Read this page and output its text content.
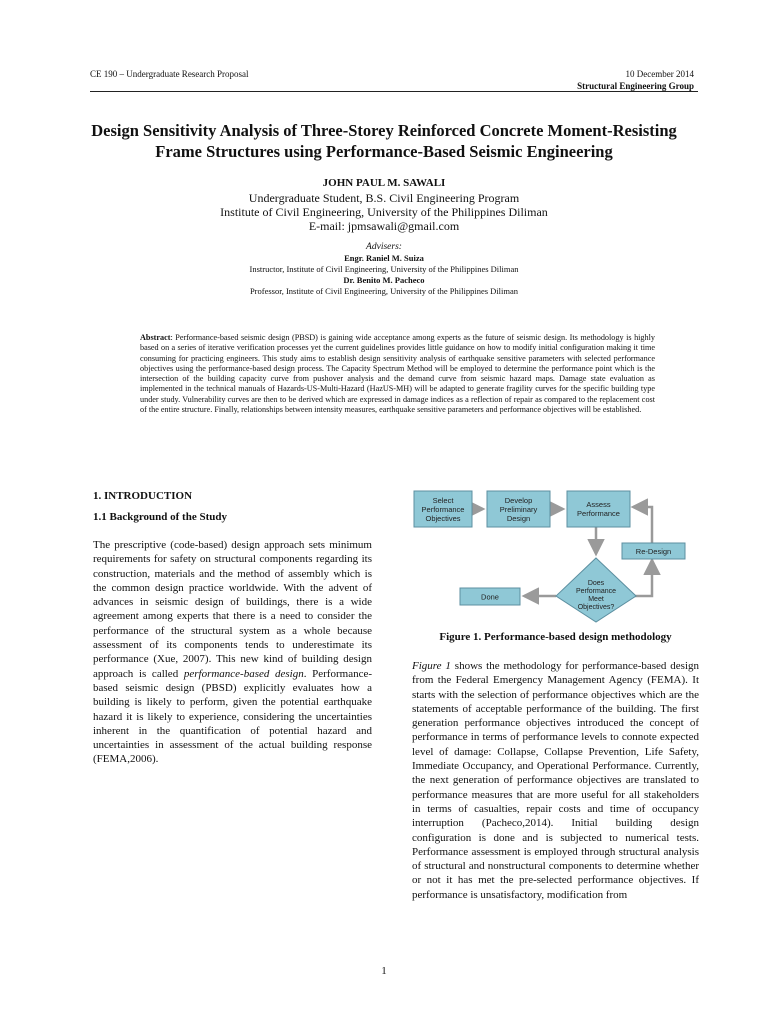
CE 190 – Undergraduate Research Proposal	10 December 2014
Structural Engineering Group
Design Sensitivity Analysis of Three-Storey Reinforced Concrete Moment-Resisting Frame Structures using Performance-Based Seismic Engineering
JOHN PAUL M. SAWALI
Undergraduate Student, B.S. Civil Engineering Program
Institute of Civil Engineering, University of the Philippines Diliman
E-mail: jpmsawali@gmail.com
Advisers:
Engr. Raniel M. Suiza
Instructor, Institute of Civil Engineering, University of the Philippines Diliman
Dr. Benito M. Pacheco
Professor, Institute of Civil Engineering, University of the Philippines Diliman
Abstract: Performance-based seismic design (PBSD) is gaining wide acceptance among experts as the future of seismic design. Its methodology is highly based on a series of iterative verification processes yet the current guidelines provides little guidance on how to modify initial configuration making it time consuming for practicing engineers. This study aims to establish design sensitivity analysis of earthquake sensitive parameters with selected performance objectives using the performance-based design process. The Capacity Spectrum Method will be employed to determine the performance point which is the intersection of the building capacity curve from pushover analysis and the demand curve from seismic hazard maps. Damage state evaluation as implemented in the technical manuals of Hazards-US-Multi-Hazard (HazUS-MH) will be adapted to generate fragility curves for the specific building type under study. Vulnerability curves are then to be derived which are expressed in damage indices as a reflection of repair as compared to the replacement cost of the entire structure. Finally, relationships between intensity measures, earthquake sensitive parameters and performance objectives will be established.
1. INTRODUCTION
1.1 Background of the Study
The prescriptive (code-based) design approach sets minimum requirements for safety on structural components regarding its construction, materials and the method of assembly which is the common design practice worldwide. With the advent of advances in seismic design of buildings, there is a wide agreement among experts that there is a need to consider the performance of the structural system as a whole because assessment of its components tends to underestimate its performance (Xue, 2007). This new kind of building design approach is called performance-based design. Performance-based seismic design (PBSD) explicitly evaluates how a building is likely to perform, given the potential earthquake hazard it is likely to experience, considering the uncertainties inherent in the quantification of potential hazard and uncertainties in assessment of the actual building response (FEMA,2006).
Select
Performance
Objectives
Develop
Preliminary
Design
Assess
Performance
Re-Design
Done
Does
Performance
Meet
Objectives?
Figure 1. Performance-based design methodology
Figure 1 shows the methodology for performance-based design from the Federal Emergency Management Agency (FEMA). It starts with the selection of performance objectives which are the statements of acceptable performance of the building. The first generation performance objectives introduced the concept of performance in terms of performance levels to connote expected level of damage: Collapse, Collapse Prevention, Life Safety, Immediate Occupancy, and Operational Performance. Currently, the next generation of performance objectives are translated to performance measures that are more useful for all stakeholders in terms of casualties, repair costs and time of occupancy interruption (Pacheco,2014). Initial building design configuration is done and is subjected to numerical tests. Performance assessment is employed through structural analysis of structural and nonstructural components to determine whether or not it has met the pre-selected performance objectives. If performance is unsatisfactory, modification from
1
